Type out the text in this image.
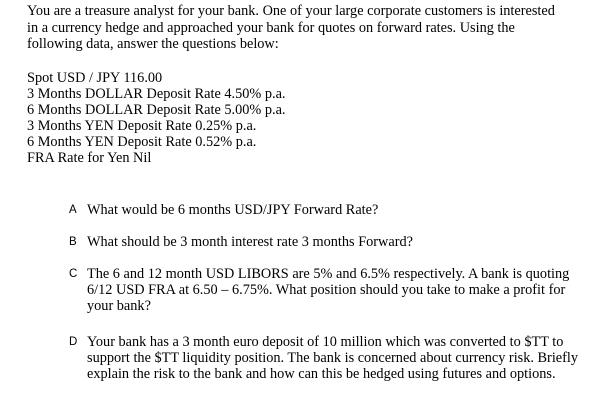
You are a treasure analyst for your bank. One of your large corporate customers is interested
in a currency hedge and approached your bank for quotes on forward rates. Using the
following data, answer the questions below:
Spot USD / JPY 116.00
3 Months DOLLAR Deposit Rate 4.50% p.a.
6 Months DOLLAR Deposit Rate 5.00% p.a.
3 Months YEN Deposit Rate 0.25% p.a.
6 Months YEN Deposit Rate 0.52% p.a.
FRA Rate for Yen Nil
A What would be 6 months USD/JPY Forward Rate?
B What should be 3 month interest rate 3 months Forward?
C The 6 and 12 month USD LIBORS are 5% and 6.5% respectively. A bank is quoting
6/12 USD FRA at 6.50 – 6.75%. What position should you take to make a profit for
your bank?
D Your bank has a 3 month euro deposit of 10 million which was converted to $TT to
support the $TT liquidity position. The bank is concerned about currency risk. Briefly
explain the risk to the bank and how can this be hedged using futures and options.
